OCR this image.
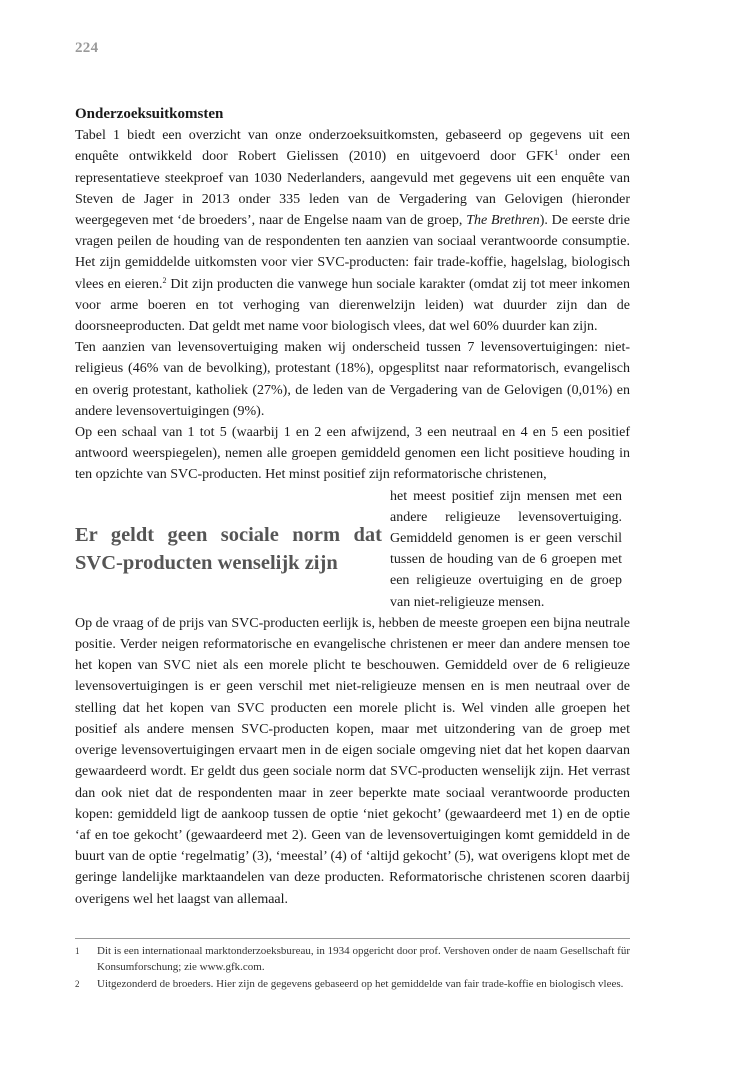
224
Onderzoeksuitkomsten

Tabel 1 biedt een overzicht van onze onderzoeksuitkomsten, gebaseerd op gegevens uit een enquête ontwikkeld door Robert Gielissen (2010) en uitgevoerd door GFK$^1$ onder een representatieve steekproef van 1030 Nederlanders, aangevuld met gegevens uit een enquête van Steven de Jager in 2013 onder 335 leden van de Vergadering van Gelovigen (hieronder weergegeven met ‘de broeders’, naar de Engelse naam van de groep, The Brethren). De eerste drie vragen peilen de houding van de respondenten ten aanzien van sociaal verantwoorde consumptie. Het zijn gemiddelde uitkomsten voor vier SVC-producten: fair trade-koffie, hagelslag, biologisch vlees en eieren.$^2$ Dit zijn producten die vanwege hun sociale karakter (omdat zij tot meer inkomen voor arme boeren en tot verhoging van dierenwelzijn leiden) wat duurder zijn dan de doorsneeproducten. Dat geldt met name voor biologisch vlees, dat wel 60% duurder kan zijn.

Ten aanzien van levensovertuiging maken wij onderscheid tussen 7 levensovertuigingen: niet-religieus (46% van de bevolking), protestant (18%), opgesplitst naar reformatorisch, evangelisch en overig protestant, katholiek (27%), de leden van de Vergadering van de Gelovigen (0,01%) en andere levensovertuigingen (9%).

Op een schaal van 1 tot 5 (waarbij 1 en 2 een afwijzend, 3 een neutraal en 4 en 5 een positief antwoord weerspiegelen), nemen alle groepen gemiddeld genomen een licht positieve houding in ten opzichte van SVC-producten. Het minst positief zijn reformatorische christenen,

Er geldt geen sociale norm dat SVC-producten wenselijk zijn

het meest positief zijn mensen met een andere religieuze levensovertuiging. Gemiddeld genomen is er geen verschil tussen de houding van de 6 groepen met een religieuze overtuiging en de groep van niet-religieuze mensen.

Op de vraag of de prijs van SVC-producten eerlijk is, hebben de meeste groepen een bijna neutrale positie. Verder neigen reformatorische en evangelische christenen er meer dan andere mensen toe het kopen van SVC niet als een morele plicht te beschouwen. Gemiddeld over de 6 religieuze levensovertuigingen is er geen verschil met niet-religieuze mensen en is men neutraal over de stelling dat het kopen van SVC producten een morele plicht is. Wel vinden alle groepen het positief als andere mensen SVC-producten kopen, maar met uitzondering van de groep met overige levensovertuigingen ervaart men in de eigen sociale omgeving niet dat het kopen daarvan gewaardeerd wordt. Er geldt dus geen sociale norm dat SVC-producten wenselijk zijn. Het verrast dan ook niet dat de respondenten maar in zeer beperkte mate sociaal verantwoorde producten kopen: gemiddeld ligt de aankoop tussen de optie ‘niet gekocht’ (gewaardeerd met 1) en de optie ‘af en toe gekocht’ (gewaardeerd met 2). Geen van de levensovertuigingen komt gemiddeld in de buurt van de optie ‘regelmatig’ (3), ‘meestal’ (4) of ‘altijd gekocht’ (5), wat overigens klopt met de geringe landelijke marktaandelen van deze producten. Reformatorische christenen scoren daarbij overigens wel het laagst van allemaal.

1	Dit is een internationaal marktonderzoeksbureau, in 1934 opgericht door prof. Vershoven onder de naam Gesellschaft für Konsumforschung; zie www.gfk.com.
2	Uitgezonderd de broeders. Hier zijn de gegevens gebaseerd op het gemiddelde van fair trade-koffie en biologisch vlees.
